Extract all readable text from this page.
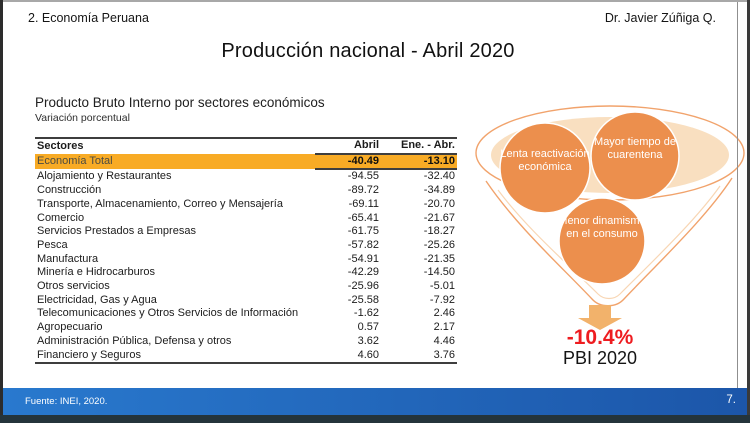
2. Economía Peruana	Dr. Javier Zúñiga Q.
Producción nacional - Abril 2020
Producto Bruto Interno por sectores económicos
Variación porcentual
Sectores	Abril	Ene. - Abr.
Economía Total	-40.49	-13.10
Alojamiento y Restaurantes	-94.55	-32.40
Construcción	-89.72	-34.89
Transporte, Almacenamiento, Correo y Mensajería	-69.11	-20.70
Comercio	-65.41	-21.67
Servicios Prestados a Empresas	-61.75	-18.27
Pesca	-57.82	-25.26
Manufactura	-54.91	-21.35
Minería e Hidrocarburos	-42.29	-14.50
Otros servicios	-25.96	-5.01
Electricidad, Gas y Agua	-25.58	-7.92
Telecomunicaciones y Otros Servicios de Información	-1.62	2.46
Agropecuario	0.57	2.17
Administración Pública, Defensa y otros	3.62	4.46
Financiero y Seguros	4.60	3.76
Lenta reactivación económica
Mayor tiempo de cuarentena
Menor dinamismo en el consumo
-10.4%
PBI 2020
Fuente: INEI, 2020.	7.
